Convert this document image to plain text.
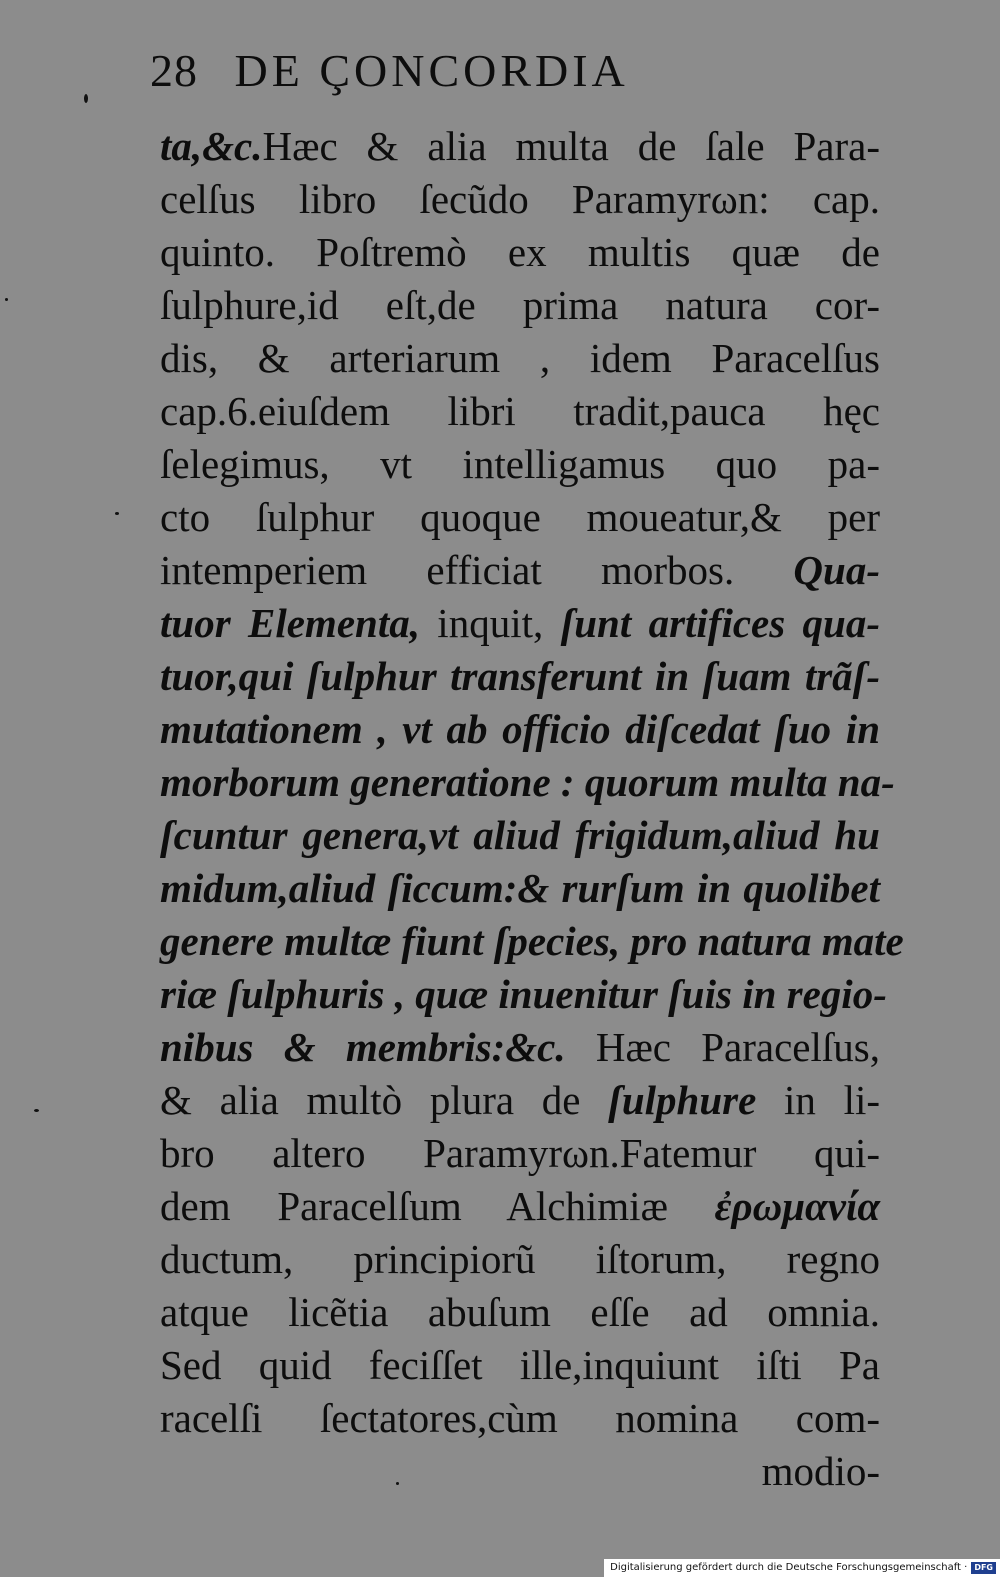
28 DE ÇONCORDIA
ta,&c.Hæc & alia multa de ſale Para-
celſus libro ſecũdo Paramyrωn: cap.
quinto. Poſtremò ex multis quæ de
ſulphure,id eſt,de prima natura cor-
dis, & arteriarum , idem Paracelſus
cap.6.eiuſdem libri tradit,pauca hęc
ſelegimus, vt intelligamus quo pa-
cto ſulphur quoque moueatur,& per
intemperiem efficiat morbos. Qua-
tuor Elementa, inquit, ſunt artifices qua-
tuor,qui ſulphur transferunt in ſuam trãſ-
mutationem , vt ab officio diſcedat ſuo in
morborum generatione : quorum multa na-
ſcuntur genera,vt aliud frigidum,aliud hu
midum,aliud ſiccum:& rurſum in quolibet
genere multæ fiunt ſpecies, pro natura mate
riæ ſulphuris , quæ inuenitur ſuis in regio-
nibus & membris:&c. Hæc Paracelſus,
& alia multò plura de ſulphure in li-
bro altero Paramyrωn.Fatemur qui-
dem Paracelſum Alchimiæ ἐρωμανία
ductum, principiorũ iſtorum, regno
atque licẽtia abuſum eſſe ad omnia.
Sed quid feciſſet ille,inquiunt iſti Pa
racelſi ſectatores,cùm nomina com-
modio-
Digitalisierung gefördert durch die Deutsche Forschungsgemeinschaft · DFG
